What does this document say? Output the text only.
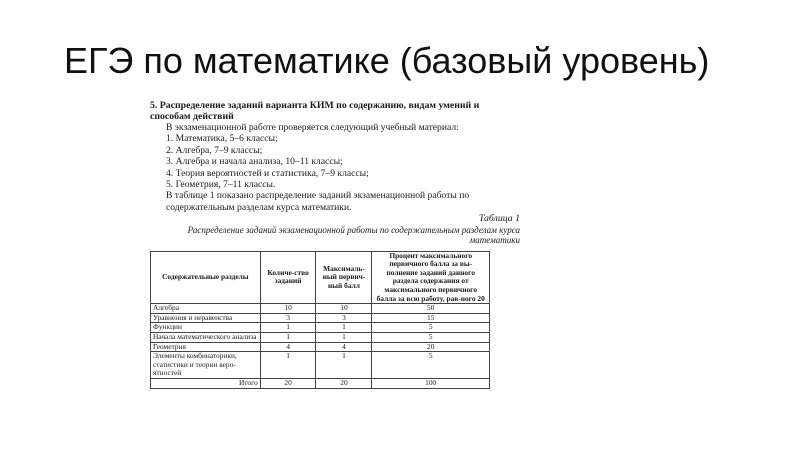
ЕГЭ по математике (базовый уровень)

5. Распределение заданий варианта КИМ по содержанию, видам умений и способам действий

В экзаменационной работе проверяется следующий учебный материал:

1. Математика, 5–6 классы;
2. Алгебра, 7–9 классы;
3. Алгебра и начала анализа, 10–11 классы;
4. Теория вероятностей и статистика, 7–9 классы;
5. Геометрия, 7–11 классы.

В таблице 1 показано распределение заданий экзаменационной работы по содержательным разделам курса математики.

Таблица 1

Распределение заданий экзаменационной работы по содержательным разделам курса математики

Содержательные разделы	Количе-ство заданий	Максималь-ный первич-ный балл	Процент максимального первичного балла за вы-полнение заданий данного раздела содержания от максимального первичного балла за всю работу, рав-ного 20
Алгебра	10	10	50
Уравнения и неравенства	3	3	15
Функции	1	1	5
Начала математического анализа	1	1	5
Геометрия	4	4	20
Элементы комбинаторики, статистики и теории веро-ятностей	1	1	5
Итого	20	20	100
